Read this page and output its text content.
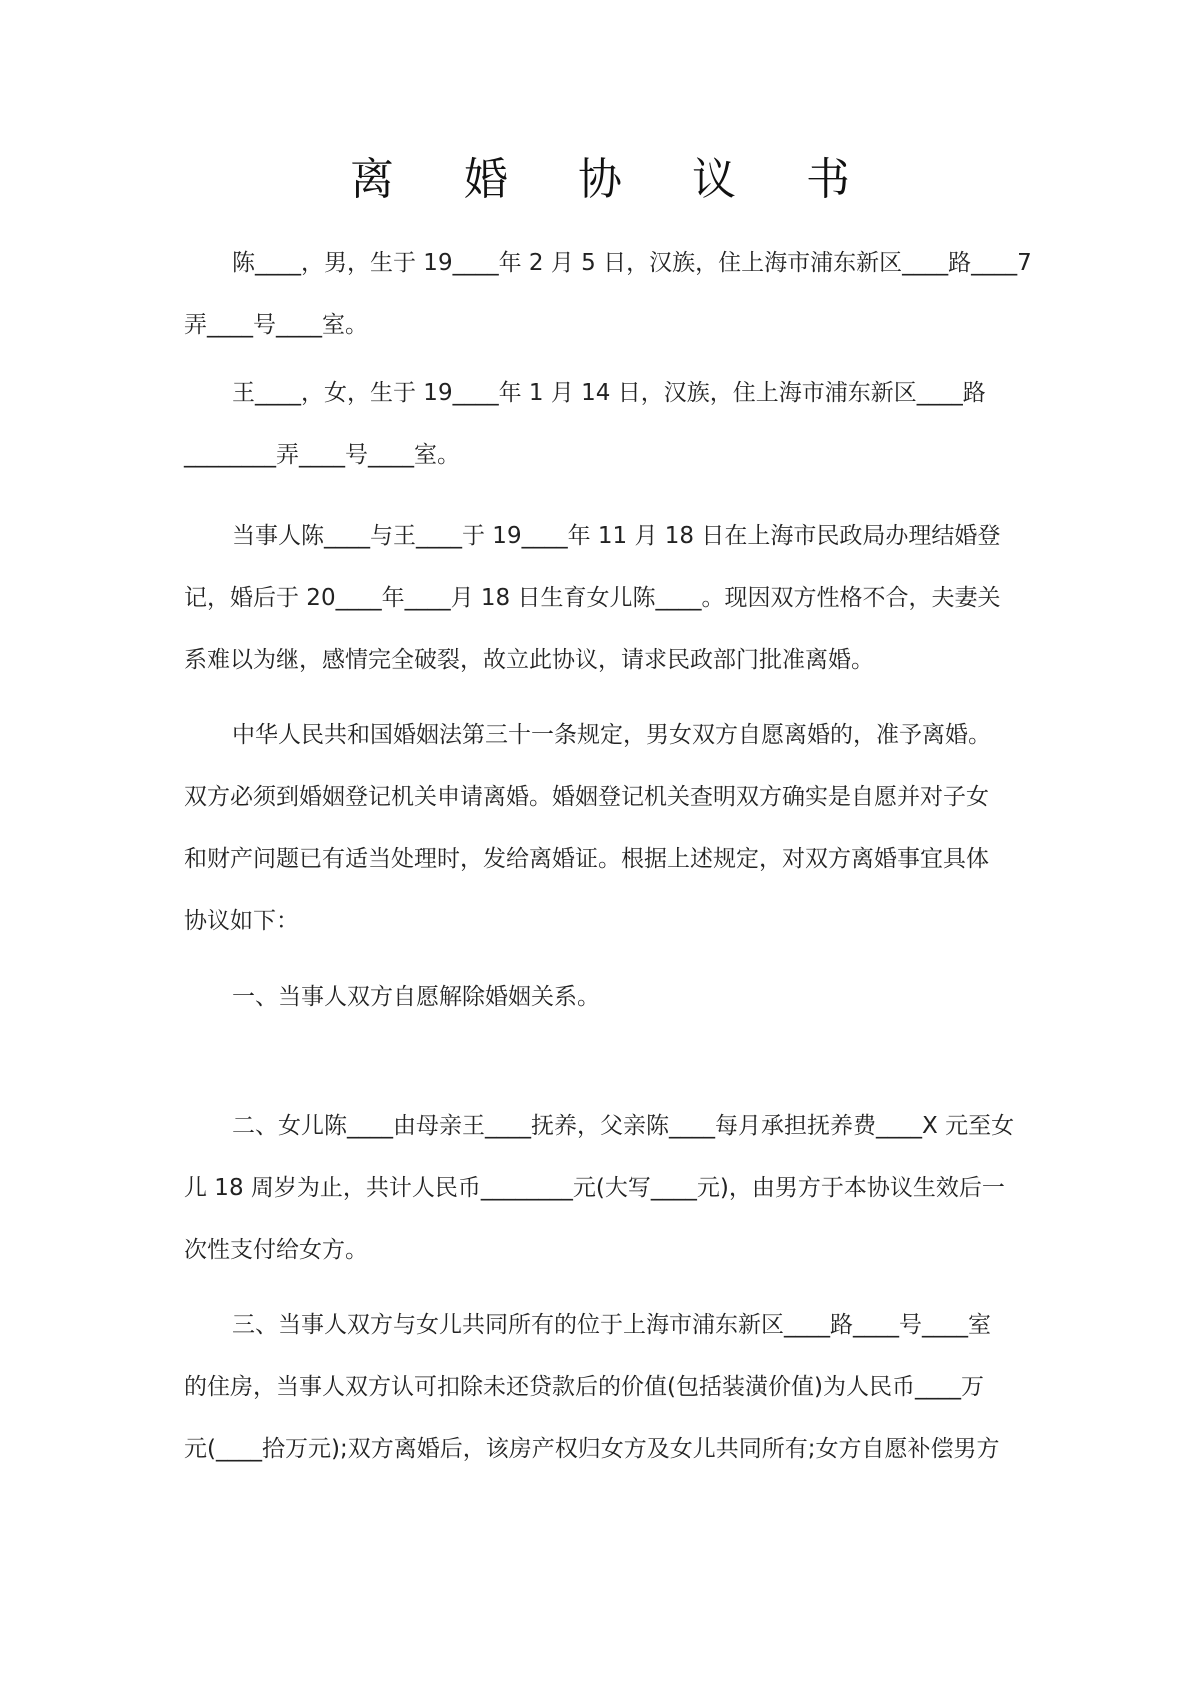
离 婚 协 议 书
陈____，男，生于 19____年 2 月 5 日，汉族，住上海市浦东新区____路____7
弄____号____室。
王____，女，生于 19____年 1 月 14 日，汉族，住上海市浦东新区____路
________弄____号____室。
当事人陈____与王____于 19____年 11 月 18 日在上海市民政局办理结婚登
记，婚后于 20____年____月 18 日生育女儿陈____。现因双方性格不合，夫妻关
系难以为继，感情完全破裂，故立此协议，请求民政部门批准离婚。
中华人民共和国婚姻法第三十一条规定，男女双方自愿离婚的，准予离婚。
双方必须到婚姻登记机关申请离婚。婚姻登记机关查明双方确实是自愿并对子女
和财产问题已有适当处理时，发给离婚证。根据上述规定，对双方离婚事宜具体
协议如下：
一、当事人双方自愿解除婚姻关系。
二、女儿陈____由母亲王____抚养，父亲陈____每月承担抚养费____X 元至女
儿 18 周岁为止，共计人民币________元(大写____元)，由男方于本协议生效后一
次性支付给女方。
三、当事人双方与女儿共同所有的位于上海市浦东新区____路____号____室
的住房，当事人双方认可扣除未还贷款后的价值(包括装潢价值)为人民币____万
元(____拾万元);双方离婚后，该房产权归女方及女儿共同所有;女方自愿补偿男方
